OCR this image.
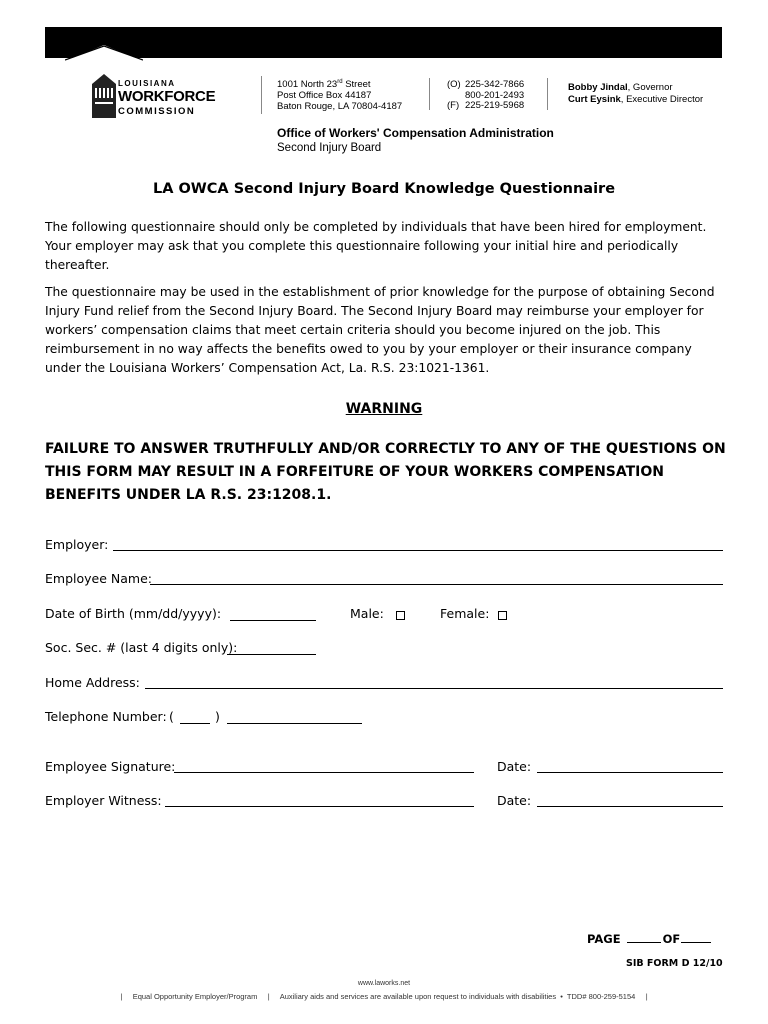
LOUISIANA
WORKFORCE
COMMISSION
1001 North 23rd Street
Post Office Box 44187
Baton Rouge, LA 70804-4187
(O) 225-342-7866
800-201-2493
(F) 225-219-5968
Bobby Jindal, Governor
Curt Eysink, Executive Director
Office of Workers' Compensation Administration
Second Injury Board
LA OWCA Second Injury Board Knowledge Questionnaire
The following questionnaire should only be completed by individuals that have been hired for employment. Your employer may ask that you complete this questionnaire following your initial hire and periodically thereafter.
The questionnaire may be used in the establishment of prior knowledge for the purpose of obtaining Second Injury Fund relief from the Second Injury Board. The Second Injury Board may reimburse your employer for workers’ compensation claims that meet certain criteria should you become injured on the job. This reimbursement in no way affects the benefits owed to you by your employer or their insurance company under the Louisiana Workers’ Compensation Act, La. R.S. 23:1021-1361.
WARNING
FAILURE TO ANSWER TRUTHFULLY AND/OR CORRECTLY TO ANY OF THE QUESTIONS ON THIS FORM MAY RESULT IN A FORFEITURE OF YOUR WORKERS COMPENSATION BENEFITS UNDER LA R.S. 23:1208.1.
Employer:
Employee Name:
Date of Birth (mm/dd/yyyy):	Male:	Female:
Soc. Sec. # (last 4 digits only):
Home Address:
Telephone Number: (	)
Employee Signature:	Date:
Employer Witness:	Date:
PAGE	OF
SIB FORM D 12/10
www.laworks.net
|     Equal Opportunity Employer/Program     |     Auxiliary aids and services are available upon request to individuals with disabilities  •  TDD# 800-259-5154     |
